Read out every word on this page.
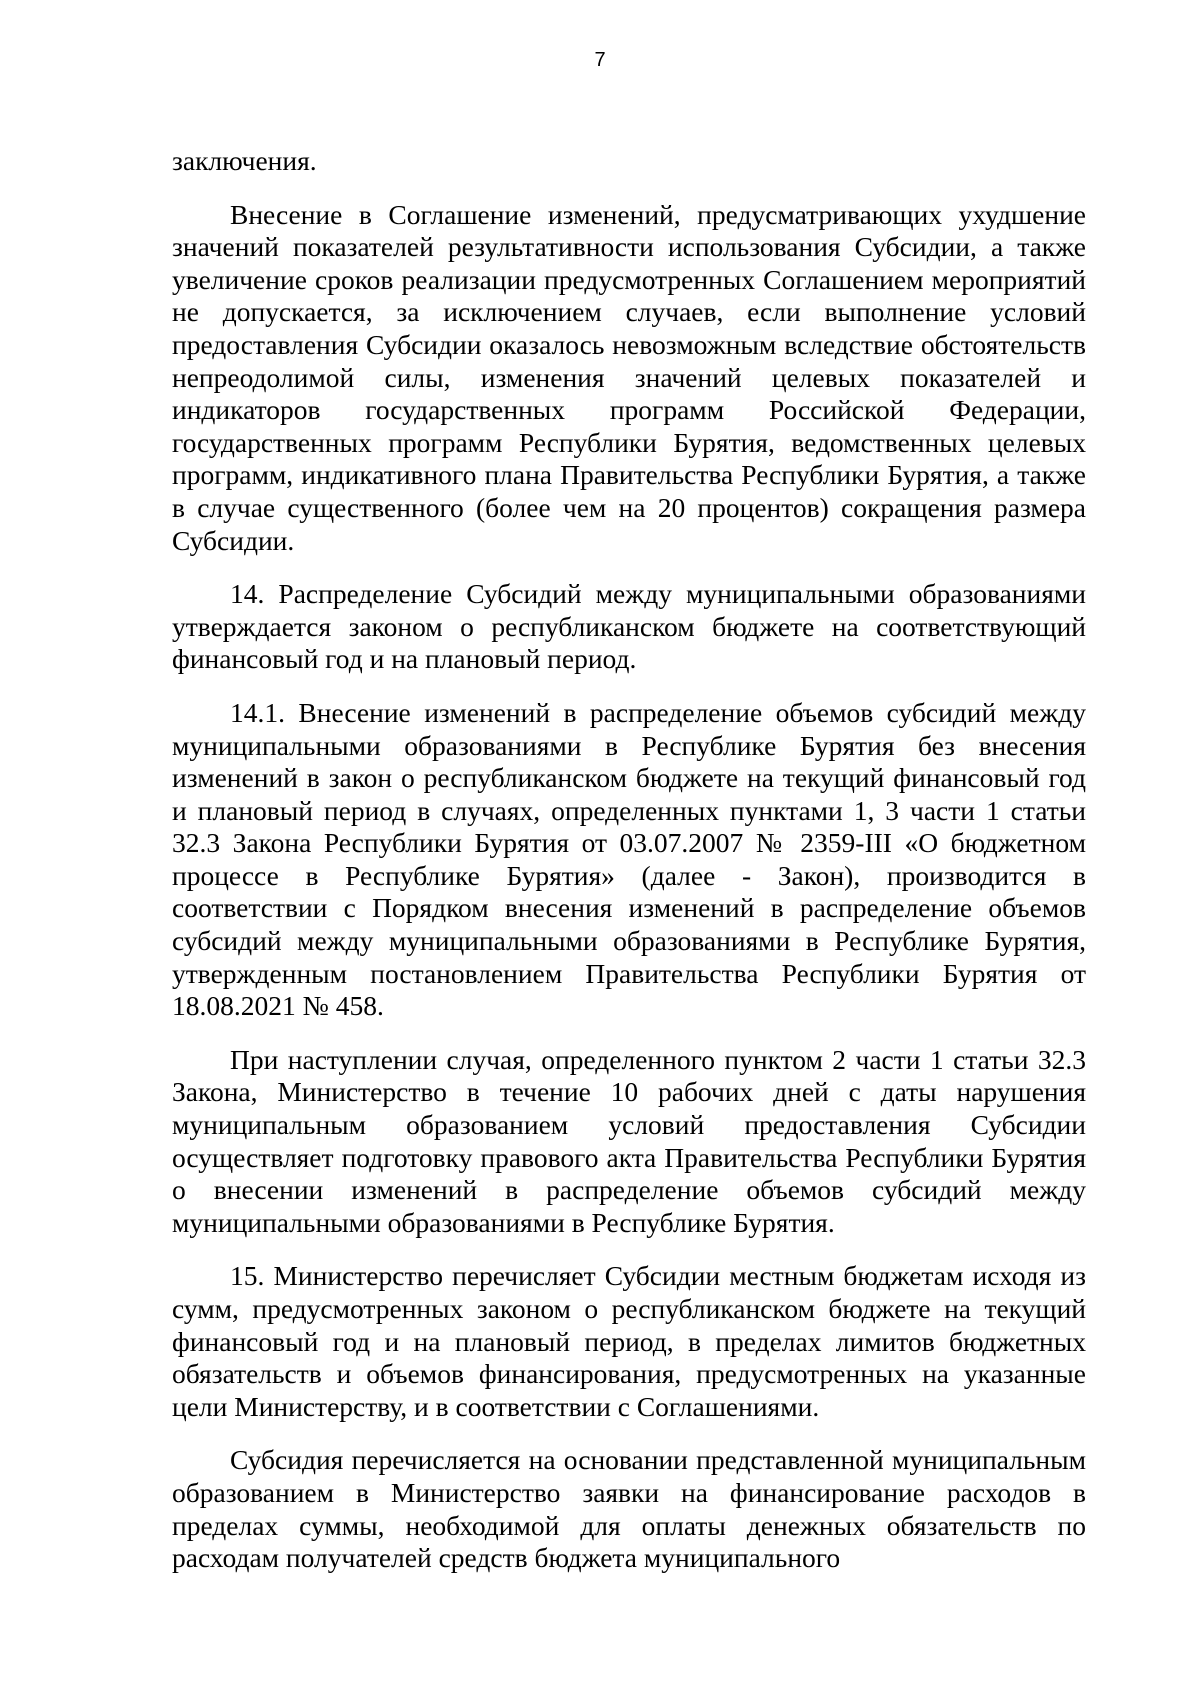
7

заключения.

Внесение в Соглашение изменений, предусматривающих ухудшение значений показателей результативности использования Субсидии, а также увеличение сроков реализации предусмотренных Соглашением мероприятий не допускается, за исключением случаев, если выполнение условий предоставления Субсидии оказалось невозможным вследствие обстоятельств непреодолимой силы, изменения значений целевых показателей и индикаторов государственных программ Российской Федерации, государственных программ Республики Бурятия, ведомственных целевых программ, индикативного плана Правительства Республики Бурятия, а также в случае существенного (более чем на 20 процентов) сокращения размера Субсидии.

14. Распределение Субсидий между муниципальными образованиями утверждается законом о республиканском бюджете на соответствующий финансовый год и на плановый период.

14.1. Внесение изменений в распределение объемов субсидий между муниципальными образованиями в Республике Бурятия без внесения изменений в закон о республиканском бюджете на текущий финансовый год и плановый период в случаях, определенных пунктами 1, 3 части 1 статьи 32.3 Закона Республики Бурятия от 03.07.2007 № 2359-III «О бюджетном процессе в Республике Бурятия» (далее - Закон), производится в соответствии с Порядком внесения изменений в распределение объемов субсидий между муниципальными образованиями в Республике Бурятия, утвержденным постановлением Правительства Республики Бурятия от 18.08.2021 № 458.

При наступлении случая, определенного пунктом 2 части 1 статьи 32.3 Закона, Министерство в течение 10 рабочих дней с даты нарушения муниципальным образованием условий предоставления Субсидии осуществляет подготовку правового акта Правительства Республики Бурятия о внесении изменений в распределение объемов субсидий между муниципальными образованиями в Республике Бурятия.

15. Министерство перечисляет Субсидии местным бюджетам исходя из сумм, предусмотренных законом о республиканском бюджете на текущий финансовый год и на плановый период, в пределах лимитов бюджетных обязательств и объемов финансирования, предусмотренных на указанные цели Министерству, и в соответствии с Соглашениями.

Субсидия перечисляется на основании представленной муниципальным образованием в Министерство заявки на финансирование расходов в пределах суммы, необходимой для оплаты денежных обязательств по расходам получателей средств бюджета муниципального
